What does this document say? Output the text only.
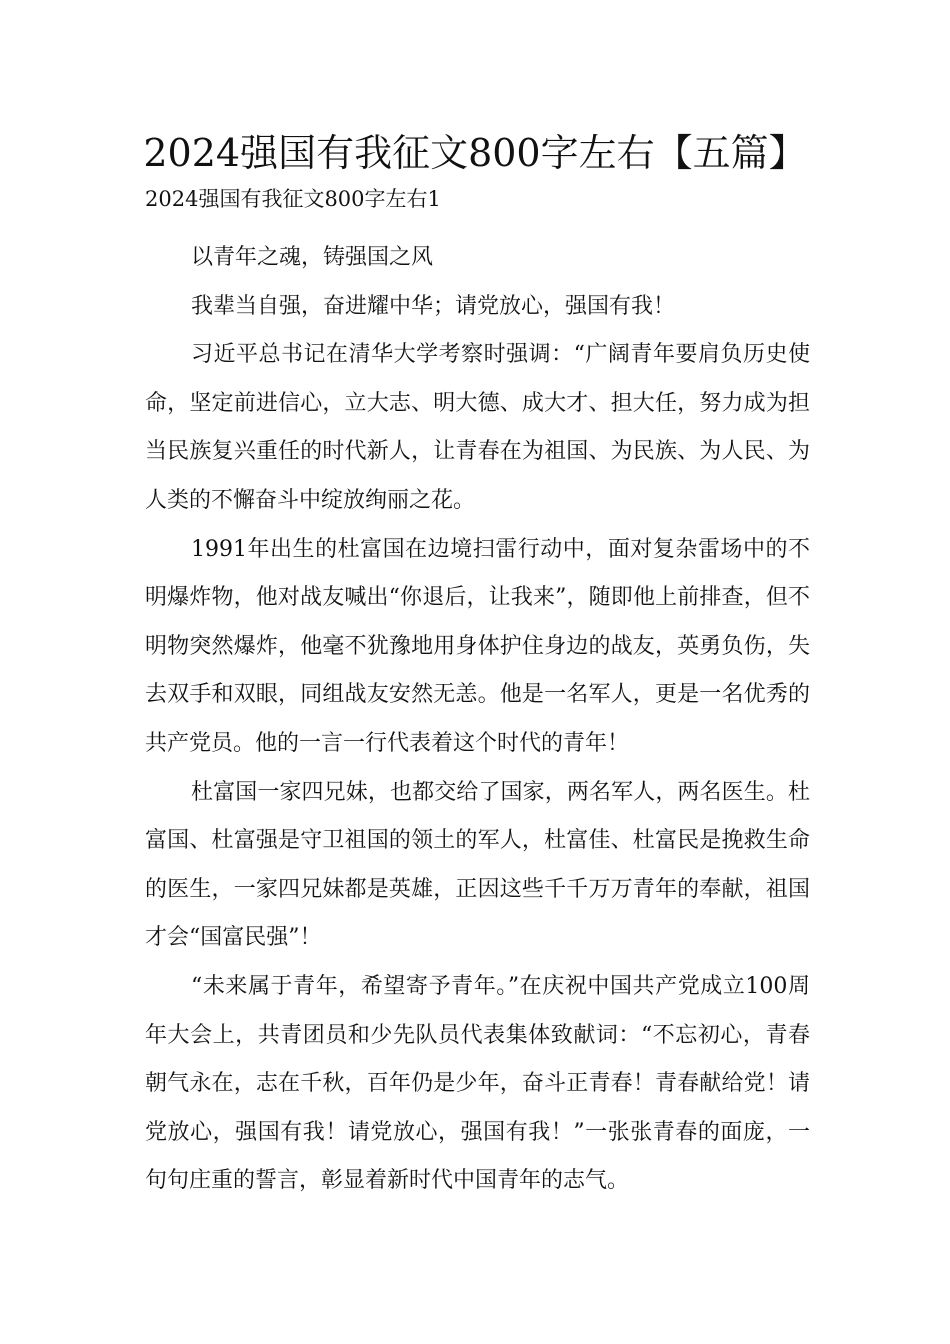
2024强国有我征文800字左右【五篇】
2024强国有我征文800字左右1

以青年之魂，铸强国之风

我辈当自强，奋进耀中华；请党放心，强国有我！

习近平总书记在清华大学考察时强调：“广阔青年要肩负历史使命，坚定前进信心，立大志、明大德、成大才、担大任，努力成为担当民族复兴重任的时代新人，让青春在为祖国、为民族、为人民、为人类的不懈奋斗中绽放绚丽之花。

1991年出生的杜富国在边境扫雷行动中，面对复杂雷场中的不明爆炸物，他对战友喊出“你退后，让我来”，随即他上前排查，但不明物突然爆炸，他毫不犹豫地用身体护住身边的战友，英勇负伤，失去双手和双眼，同组战友安然无恙。他是一名军人，更是一名优秀的共产党员。他的一言一行代表着这个时代的青年！

杜富国一家四兄妹，也都交给了国家，两名军人，两名医生。杜富国、杜富强是守卫祖国的领土的军人，杜富佳、杜富民是挽救生命的医生，一家四兄妹都是英雄，正因这些千千万万青年的奉献，祖国才会“国富民强”！

“未来属于青年，希望寄予青年。”在庆祝中国共产党成立100周年大会上，共青团员和少先队员代表集体致献词：“不忘初心，青春朝气永在，志在千秋，百年仍是少年，奋斗正青春！青春献给党！请党放心，强国有我！请党放心，强国有我！”一张张青春的面庞，一句句庄重的誓言，彰显着新时代中国青年的志气。
